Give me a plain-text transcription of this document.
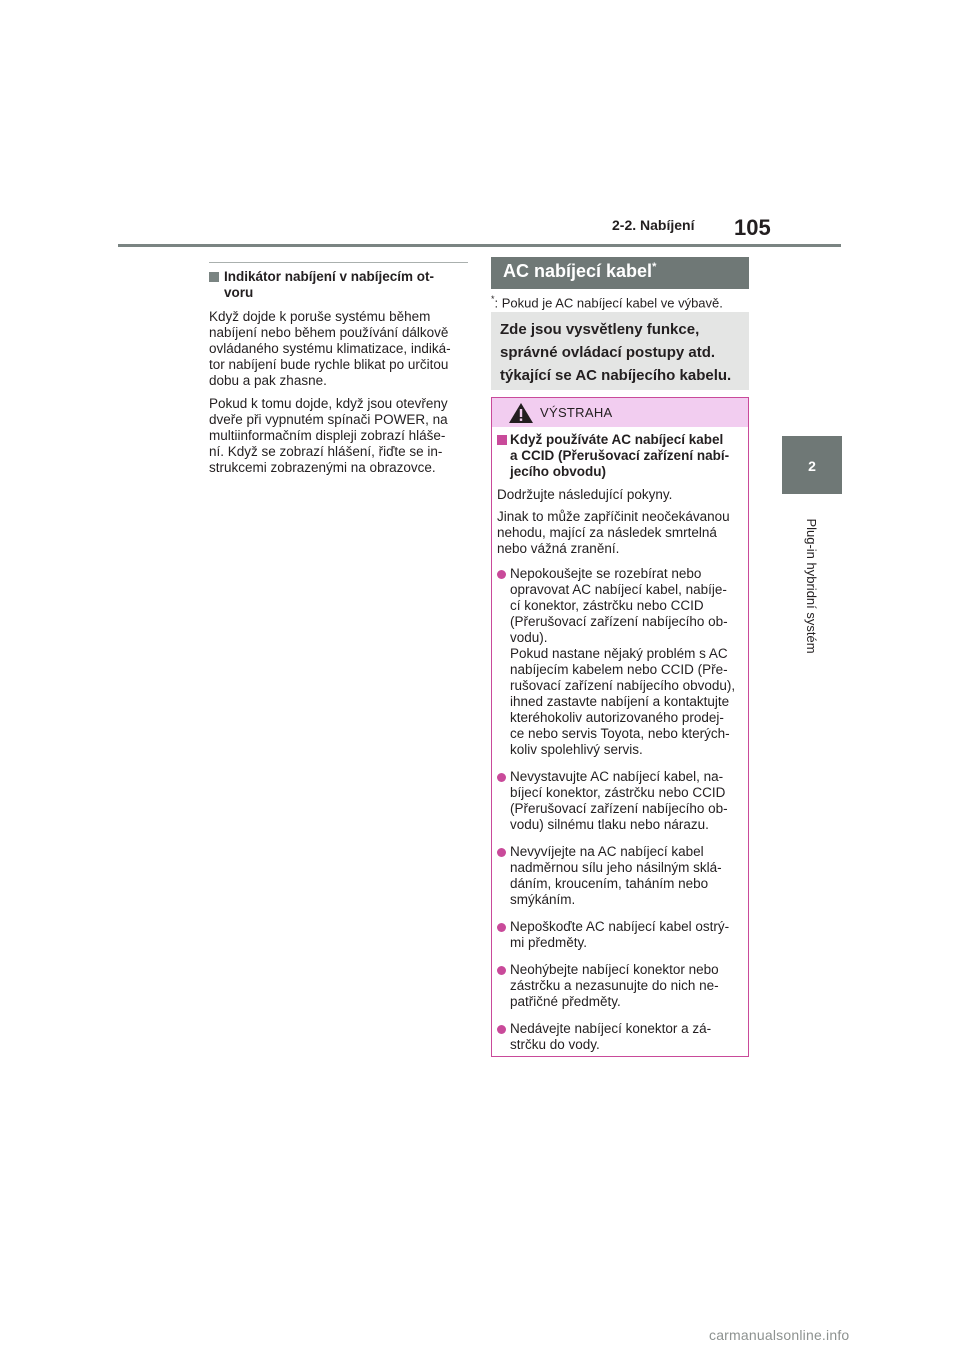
2-2. Nabíjení 105
2
Plug-in hybridní systém
Indikátor nabíjení v nabíjecím ot-
voru

Když dojde k poruše systému během
nabíjení nebo během používání dálkově
ovládaného systému klimatizace, indiká-
tor nabíjení bude rychle blikat po určitou
dobu a pak zhasne.

Pokud k tomu dojde, když jsou otevřeny
dveře při vypnutém spínači POWER, na
multiinformačním displeji zobrazí hláše-
ní. Když se zobrazí hlášení, řiďte se in-
strukcemi zobrazenými na obrazovce.

AC nabíjecí kabel*
*: Pokud je AC nabíjecí kabel ve výbavě.
Zde jsou vysvětleny funkce,
správné ovládací postupy atd.
týkající se AC nabíjecího kabelu.
VÝSTRAHA
Když používáte AC nabíjecí kabel
a CCID (Přerušovací zařízení nabí-
jecího obvodu)

Dodržujte následující pokyny.

Jinak to může zapříčinit neočekávanou
nehodu, mající za následek smrtelná
nebo vážná zranění.

Nepokoušejte se rozebírat nebo
opravovat AC nabíjecí kabel, nabíje-
cí konektor, zástrčku nebo CCID
(Přerušovací zařízení nabíjecího ob-
vodu).
Pokud nastane nějaký problém s AC
nabíjecím kabelem nebo CCID (Pře-
rušovací zařízení nabíjecího obvodu),
ihned zastavte nabíjení a kontaktujte
kteréhokoliv autorizovaného prodej-
ce nebo servis Toyota, nebo kterých-
koliv spolehlivý servis.
Nevystavujte AC nabíjecí kabel, na-
bíjecí konektor, zástrčku nebo CCID
(Přerušovací zařízení nabíjecího ob-
vodu) silnému tlaku nebo nárazu.
Nevyvíjejte na AC nabíjecí kabel
nadměrnou sílu jeho násilným sklá-
dáním, kroucením, taháním nebo
smýkáním.
Nepoškoďte AC nabíjecí kabel ostrý-
mi předměty.
Neohýbejte nabíjecí konektor nebo
zástrčku a nezasunujte do nich ne-
patřičné předměty.
Nedávejte nabíjecí konektor a zá-
strčku do vody.
carmanualsonline.info
